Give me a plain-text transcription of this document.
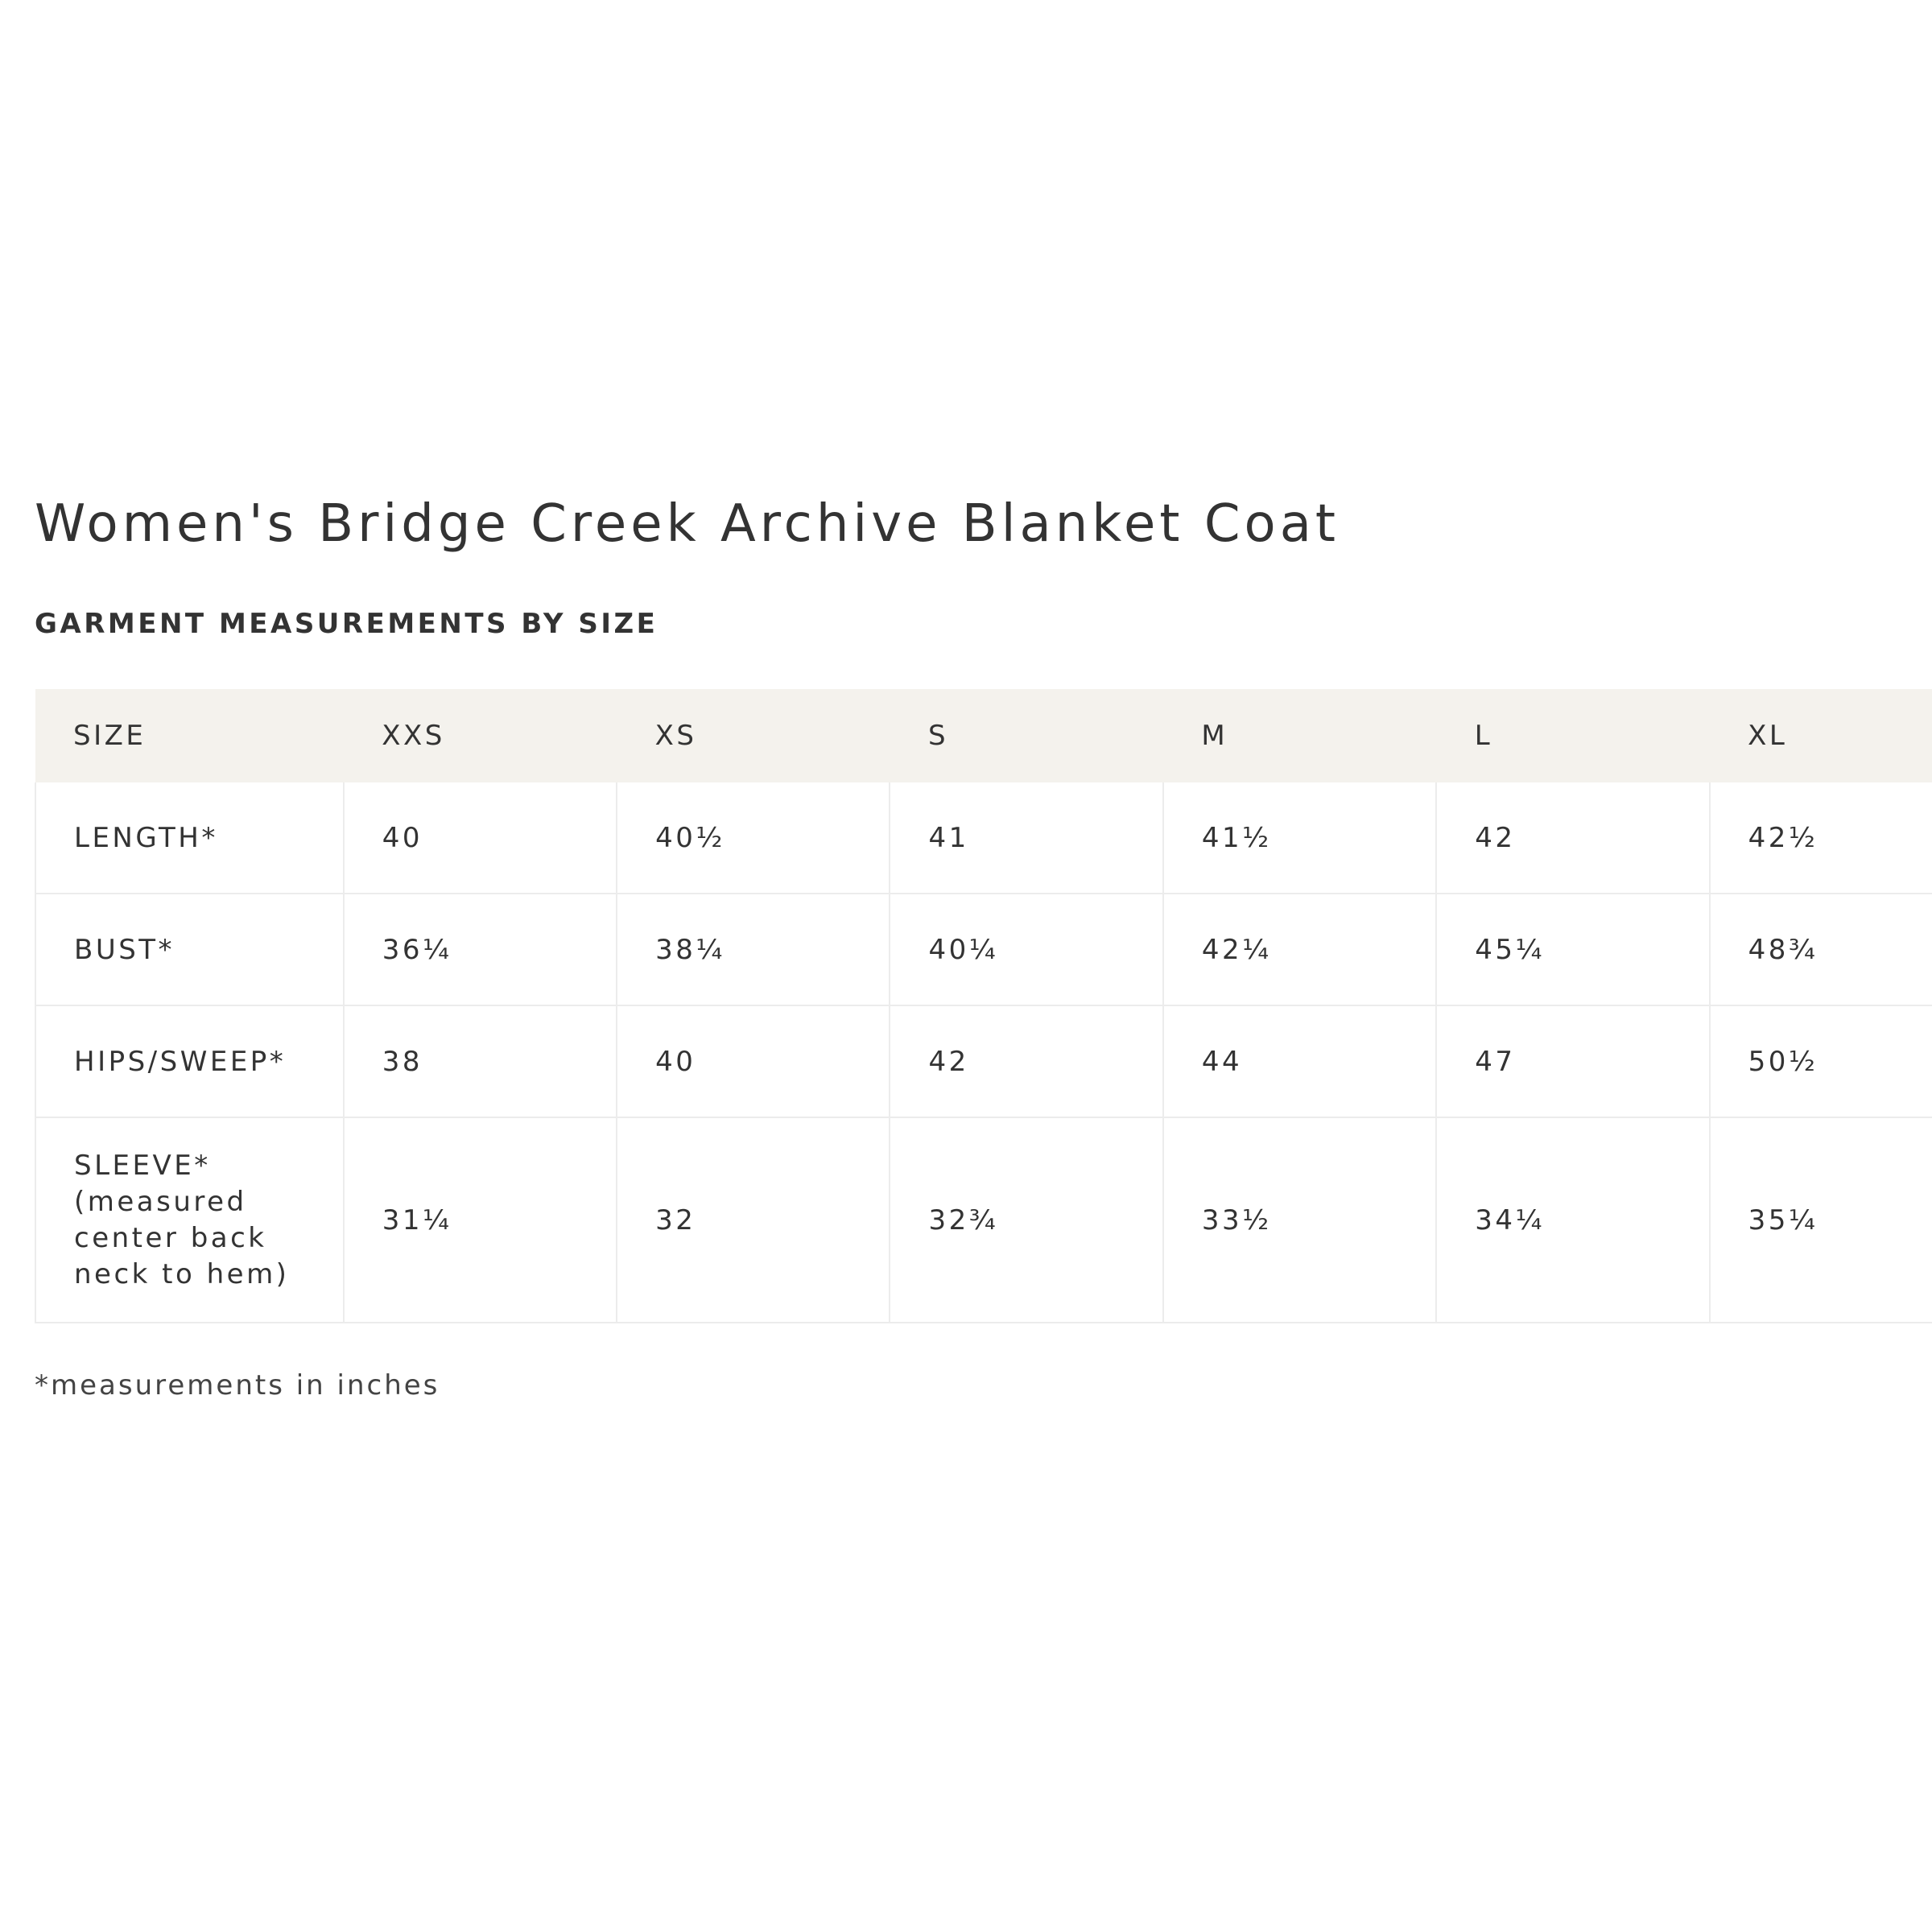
Women's Bridge Creek Archive Blanket Coat
GARMENT MEASUREMENTS BY SIZE
SIZE	XXS	XS	S	M	L	XL
LENGTH*	40	40½	41	41½	42	42½
BUST*	36¼	38¼	40¼	42¼	45¼	48¾
HIPS/SWEEP*	38	40	42	44	47	50½

SLEEVE*
(measured
center back
neck to hem)	31¼	32	32¾	33½	34¼	35¼

*measurements in inches
